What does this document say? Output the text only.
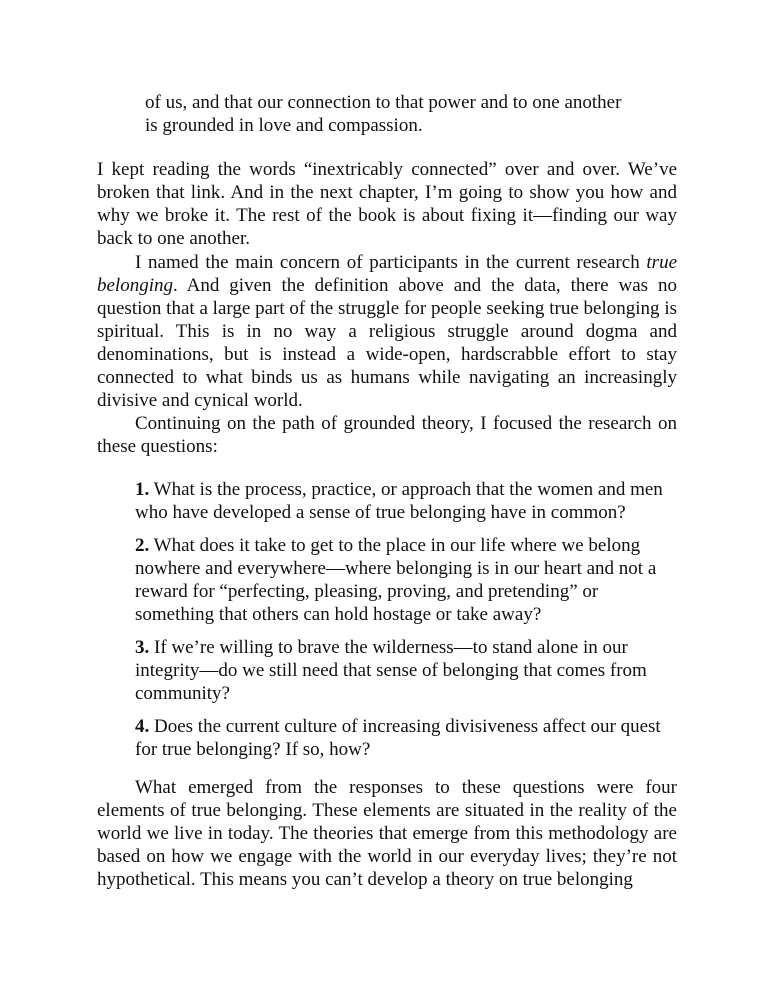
of us, and that our connection to that power and to one another

is grounded in love and compassion.

I kept reading the words “inextricably connected” over and over. We’ve broken that link. And in the next chapter, I’m going to show you how and why we broke it. The rest of the book is about fixing it—finding our way back to one another.

I named the main concern of participants in the current research true belonging. And given the definition above and the data, there was no question that a large part of the struggle for people seeking true belonging is spiritual. This is in no way a religious struggle around dogma and denominations, but is instead a wide-open, hardscrabble effort to stay connected to what binds us as humans while navigating an increasingly divisive and cynical world.

Continuing on the path of grounded theory, I focused the research on these questions:

1. What is the process, practice, or approach that the women and men who have developed a sense of true belonging have in common?

2. What does it take to get to the place in our life where we belong nowhere and everywhere—where belonging is in our heart and not a reward for “perfecting, pleasing, proving, and pretending” or something that others can hold hostage or take away?

3. If we’re willing to brave the wilderness—to stand alone in our integrity—do we still need that sense of belonging that comes from community?

4. Does the current culture of increasing divisiveness affect our quest for true belonging? If so, how?

What emerged from the responses to these questions were four elements of true belonging. These elements are situated in the reality of the world we live in today. The theories that emerge from this methodology are based on how we engage with the world in our everyday lives; they’re not hypothetical. This means you can’t develop a theory on true belonging
